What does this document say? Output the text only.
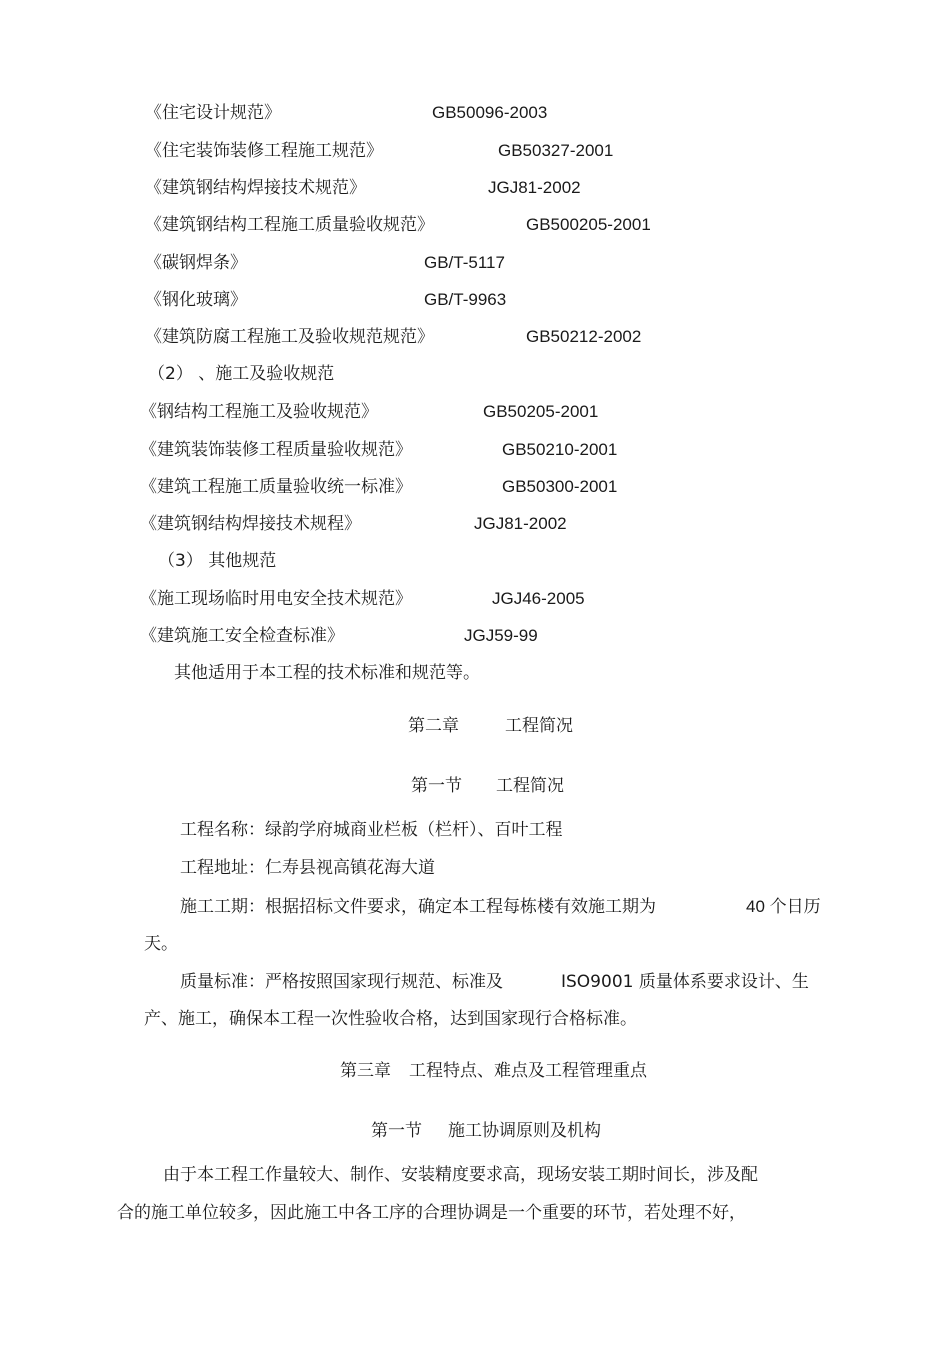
《住宅设计规范》	GB50096-2003
《住宅装饰装修工程施工规范》	GB50327-2001
《建筑钢结构焊接技术规范》	JGJ81-2002
《建筑钢结构工程施工质量验收规范》	GB500205-2001
《碳钢焊条》	GB/T-5117
《钢化玻璃》	GB/T-9963
《建筑防腐工程施工及验收规范规范》	GB50212-2002
（2） 、施工及验收规范
《钢结构工程施工及验收规范》	GB50205-2001
《建筑装饰装修工程质量验收规范》	GB50210-2001
《建筑工程施工质量验收统一标准》	GB50300-2001
《建筑钢结构焊接技术规程》	JGJ81-2002
（3） 其他规范
《施工现场临时用电安全技术规范》	JGJ46-2005
《建筑施工安全检查标准》	JGJ59-99
其他适用于本工程的技术标准和规范等。
第二章	工程简况
第一节 工程简况
工程名称：绿韵学府城商业栏板（栏杆）、百叶工程
工程地址：仁寿县视高镇花海大道
施工工期：根据招标文件要求，确定本工程每栋楼有效施工期为	40 个日历
天。
质量标准：严格按照国家现行规范、标准及	ISO9001 质量体系要求设计、生
产、施工，确保本工程一次性验收合格，达到国家现行合格标准。
第三章 工程特点、难点及工程管理重点
第一节 施工协调原则及机构
由于本工程工作量较大、制作、安装精度要求高，现场安装工期时间长，涉及配
合的施工单位较多，因此施工中各工序的合理协调是一个重要的环节，若处理不好，
